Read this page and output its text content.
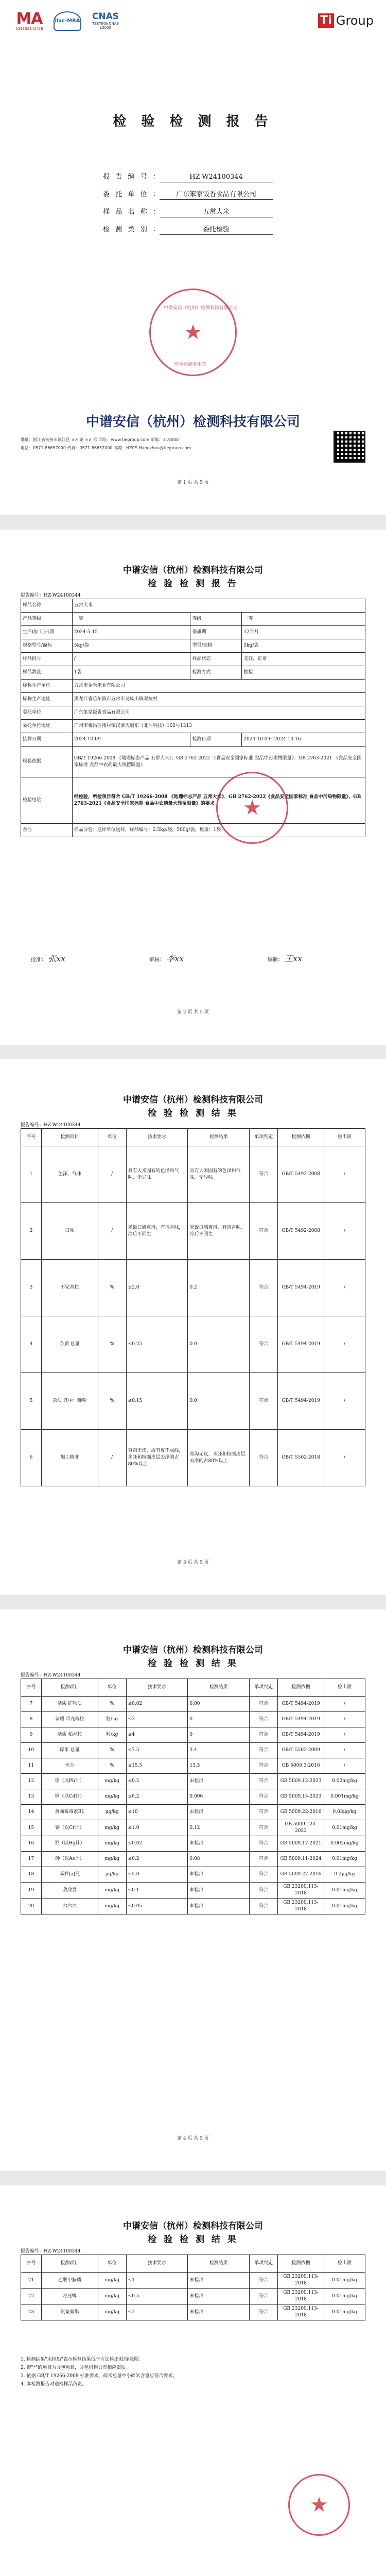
MA
231100140428
ilac-MRA	CNAS
TESTING CNAS L0000
Ti Group
检 验 检 测 报 告
报告编号：	HZ-W24100344
委托单位：	广东笨家饭香食品有限公司
样品名称：	五常大米
检测类别：	委托检验
★
中谱安信（杭州）检测科技有限公司
检验检测专用章
中谱安信（杭州）检测科技有限公司
地址：浙江省杭州市滨江区 ×× 路 ×× 号 网址：www.tiegroup.com 邮编：310000
电话：0571-86657000 传真：0571-86657000 邮箱：HZCS.Hangzhou@tiegroup.com
第 1 页 共 5 页
中谱安信（杭州）检测科技有限公司
检 验 检 测 报 告
报告编号：HZ-W24100344
样品名称	五常大米		
产品等级	一等	等级	一等
生产(加工)日期	2024-5-15	保质期	12个月
规格型号/商标	5kg/袋	型号/规格	5kg/袋
样品批号	/	样品状态	完好，正常
样品数量	1袋	检测方式	抽检
标称生产单位	五常市金禾米业有限公司		
标称生产地址	黑龙江省哈尔滨市五常市龙凤山镇双拉村		
委托单位	广东笨家饭香食品有限公司		
委托单位地址	广州市番禺区南村镇汉溪大道东（北斗科技）102号1313		
接样日期	2024-10-09	检测日期	2024-10-09~2024-10-16
检验依据	GB/T 19266-2008 《地理标志产品 五常大米》；GB 2762-2022 《食品安全国家标准 食品中污染物限量》；GB 2763-2021 《食品安全国家标准 食品中农药最大残留限量》		
检验结论	经检验，所检项目符合 GB/T 19266-2008 《地理标志产品 五常大米》、GB 2762-2022《食品安全国家标准 食品中污染物限量》、GB 2763-2021《食品安全国家标准 食品中农药最大残留限量》的要求。		
备注	样品分包：送样单位送样，样品编号：2.5kg/袋，500g/袋，数量：1袋		
★
批准： 张xx	审核： 李xx	编制： 王xx
第 2 页 共 5 页
中谱安信（杭州）检测科技有限公司
检 验 检 测 结 果
报告编号：HZ-W24100344
序号	检测项目	单位	技术要求	检测结果	单项判定	检测依据	检出限
1	色泽、气味	/	具有大米固有的色泽和气味，无异味	具有大米固有的色泽和气味，无异味	符合	GB/T 5492-2008	/
2	口味	/	米饭口感爽滑，有清香味，冷后不回生	米饭口感爽滑，有清香味，冷后不回生	符合	GB/T 5492-2008	/
3	不完善粒	%	≤2.0	0.2	符合	GB/T 5494-2019	/
4	杂质 总量	%	≤0.25	0.0	符合	GB/T 5494-2019	/
5	杂质 其中：糠粉	%	≤0.15	0.0	符合	GB/T 5494-2019	/
6	加工精度	/	背沟无皮，或有皮不成线，米胚和粒面皮层去净的占80%以上	背沟无皮，米胚和粒面皮层去净的占80%以上	符合	GB/T 5502-2018	/
第 3 页 共 5 页
中谱安信（杭州）检测科技有限公司
检 验 检 测 结 果
报告编号：HZ-W24100344
序号	检测项目	单位	技术要求	检测结果	单项判定	检测依据	检出限
7	杂质 矿物质	%	≤0.02	0.00	符合	GB/T 5494-2019	/
8	杂质 带壳稗粒	粒/kg	≤3	0	符合	GB/T 5494-2019	/
9	杂质 稻谷粒	粒/kg	≤4	0	符合	GB/T 5494-2019	/
10	碎米 总量	%	≤7.5	3.4	符合	GB/T 5503-2009	/
11	水分	%	≤15.5	13.5	符合	GB 5009.3-2016	/
12	铅（以Pb计）	mg/kg	≤0.2	未检出	符合	GB 5009.12-2023	0.02mg/kg
13	镉（以Cd计）	mg/kg	≤0.2	0.006	符合	GB 5009.15-2023	0.001mg/kg
14	黄曲霉毒素B1	μg/kg	≤10	未检出	符合	GB 5009.22-2016	0.03μg/kg
15	铬（以Cr计）	mg/kg	≤1.0	0.12	符合	GB 5009.123-2023	0.01mg/kg
16	汞（以Hg计）	mg/kg	≤0.02	未检出	符合	GB 5009.17-2021	0.002mg/kg
17	砷（以As计）	mg/kg	≤0.2	0.08	符合	GB 5009.11-2024	0.01mg/kg
18	苯并[a]芘	μg/kg	≤5.0	未检出	符合	GB 5009.27-2016	0.2μg/kg
19	敌敌畏	mg/kg	≤0.1	未检出	符合	GB 23200.113-2018	0.01mg/kg
20	六六六	mg/kg	≤0.05	未检出	符合	GB 23200.113-2018	0.01mg/kg
第 4 页 共 5 页
中谱安信（杭州）检测科技有限公司
检 验 检 测 结 果
报告编号：HZ-W24100344
序号	检测项目	单位	技术要求	检测结果	单项判定	检测依据	检出限
21	乙酰甲胺磷	mg/kg	≤1	未检出	符合	GB 23200.113-2018	0.01mg/kg
22	毒死蜱	mg/kg	≤0.5	未检出	符合	GB 23200.113-2018	0.01mg/kg
23	氯氰菊酯	mg/kg	≤2	未检出	符合	GB 23200.113-2018	0.01mg/kg
1. 检测结果"未检出"表示检测结果低于方法检出限/定量限。
2. 带"*"的项目为分包项目，分包机构具有相应资质。
3. 依据 GB/T 19266-2008 标准要求，碎米总量中小碎米含量应符合要求。
4. 本检测报告对送检样品负责。
★
